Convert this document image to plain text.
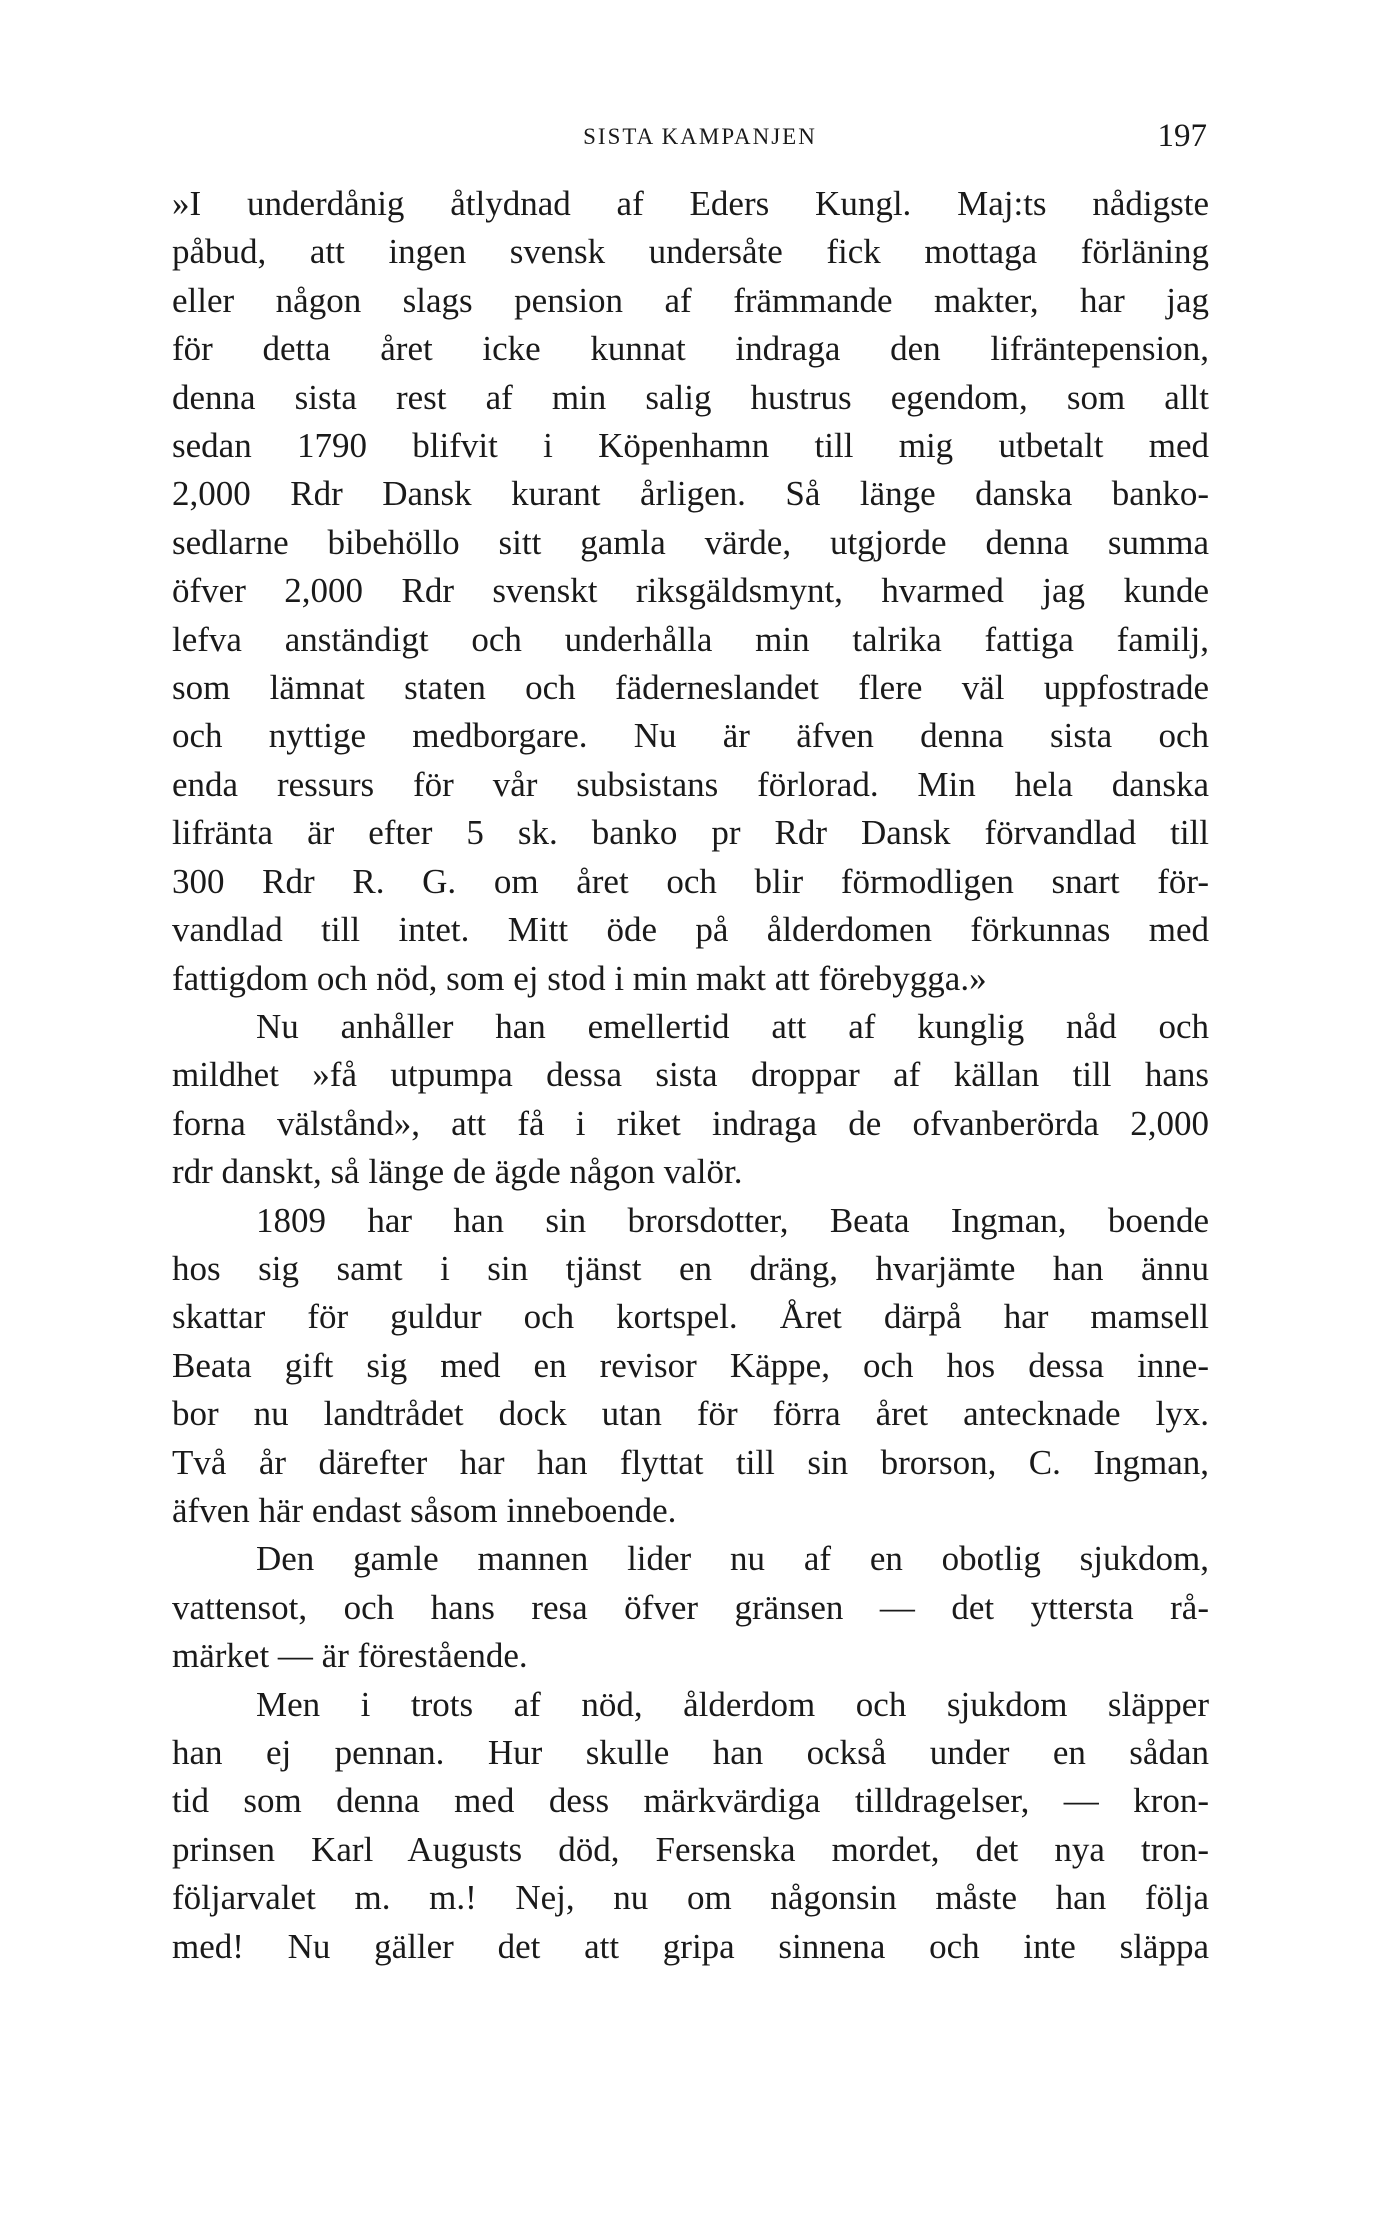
SISTA KAMPANJEN	197

»I underdånig åtlydnad af Eders Kungl. Maj:ts nådigste
påbud, att ingen svensk undersåte fick mottaga förläning
eller någon slags pension af främmande makter, har jag
för detta året icke kunnat indraga den lifräntepension,
denna sista rest af min salig hustrus egendom, som allt
sedan 1790 blifvit i Köpenhamn till mig utbetalt med
2,000 Rdr Dansk kurant årligen. Så länge danska banko-
sedlarne bibehöllo sitt gamla värde, utgjorde denna summa
öfver 2,000 Rdr svenskt riksgäldsmynt, hvarmed jag kunde
lefva anständigt och underhålla min talrika fattiga familj,
som lämnat staten och fäderneslandet flere väl uppfostrade
och nyttige medborgare. Nu är äfven denna sista och
enda ressurs för vår subsistans förlorad. Min hela danska
lifränta är efter 5 sk. banko pr Rdr Dansk förvandlad till
300 Rdr R. G. om året och blir förmodligen snart för-
vandlad till intet. Mitt öde på ålderdomen förkunnas med
fattigdom och nöd, som ej stod i min makt att förebygga.»

Nu anhåller han emellertid att af kunglig nåd och
mildhet »få utpumpa dessa sista droppar af källan till hans
forna välstånd», att få i riket indraga de ofvanberörda 2,000
rdr danskt, så länge de ägde någon valör.

1809 har han sin brorsdotter, Beata Ingman, boende
hos sig samt i sin tjänst en dräng, hvarjämte han ännu
skattar för guldur och kortspel. Året därpå har mamsell
Beata gift sig med en revisor Käppe, och hos dessa inne-
bor nu landtrådet dock utan för förra året antecknade lyx.
Två år därefter har han flyttat till sin brorson, C. Ingman,
äfven här endast såsom inneboende.

Den gamle mannen lider nu af en obotlig sjukdom,
vattensot, och hans resa öfver gränsen — det yttersta rå-
märket — är förestående.

Men i trots af nöd, ålderdom och sjukdom släpper
han ej pennan. Hur skulle han också under en sådan
tid som denna med dess märkvärdiga tilldragelser, — kron-
prinsen Karl Augusts död, Fersenska mordet, det nya tron-
följarvalet m. m.! Nej, nu om någonsin måste han följa
med! Nu gäller det att gripa sinnena och inte släppa
